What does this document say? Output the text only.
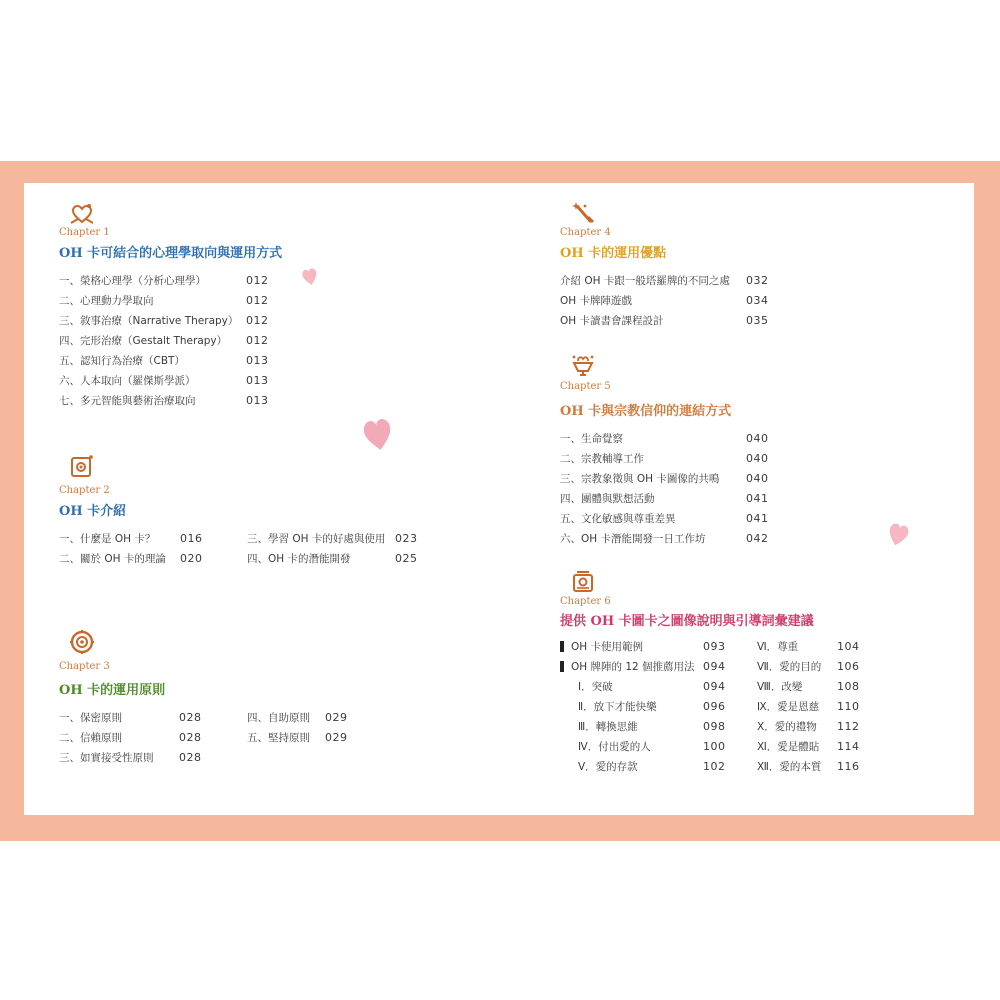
Chapter 1
OH 卡可結合的心理學取向與運用方式
一、榮格心理學（分析心理學）	012
二、心理動力學取向	012
三、敘事治療（Narrative Therapy） 012
四、完形治療（Gestalt Therapy） 012
五、認知行為治療（CBT）	013
六、人本取向（羅傑斯學派）	013
七、多元智能與藝術治療取向	013
Chapter 2
OH 卡介紹
一、什麼是 OH 卡？ 016
二、關於 OH 卡的理論 020
三、學習 OH 卡的好處與使用 023
四、OH 卡的潛能開發	025
Chapter 3
OH 卡的運用原則
一、保密原則	028
二、信賴原則	028
三、如實接受性原則 028
四、自助原則 029
五、堅持原則 029
Chapter 4
OH 卡的運用優點
介紹 OH 卡跟一般塔羅牌的不同之處 032
OH 卡牌陣遊戲	034
OH 卡讀書會課程設計	035
Chapter 5
OH 卡與宗教信仰的連結方式
一、生命覺察	040
二、宗教輔導工作	040
三、宗教象徵與 OH 卡圖像的共鳴 040
四、團體與默想活動	041
五、文化敏感與尊重差異	041
六、OH 卡潛能開發一日工作坊	042
Chapter 6
提供 OH 卡圖卡之圖像說明與引導詞彙建議
OH 卡使用範例	093
OH 牌陣的 12 個推薦用法 094
Ⅰ．突破	094
Ⅱ．放下才能快樂	096
Ⅲ．轉換思維	098
Ⅳ．付出愛的人	100
Ⅴ．愛的存款	102
Ⅵ．尊重	104
Ⅶ．愛的目的 106
Ⅷ．改變	108
Ⅸ．愛是恩慈 110
Ⅹ．愛的禮物 112
Ⅺ．愛是體貼 114
Ⅻ．愛的本質 116
